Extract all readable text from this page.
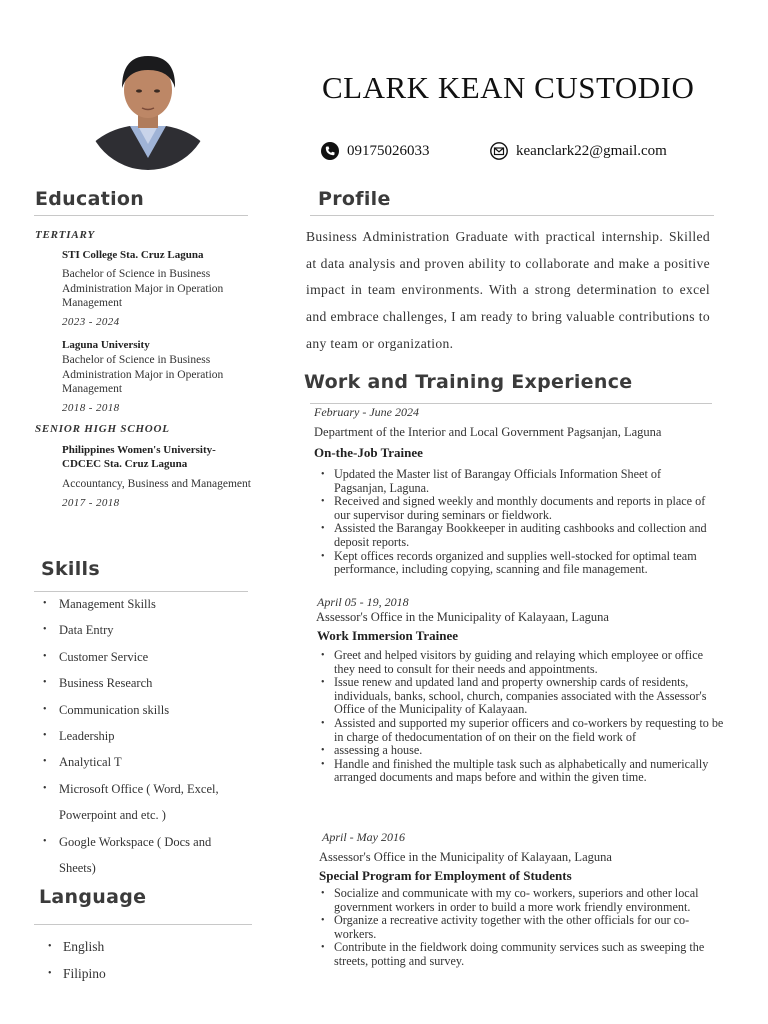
CLARK KEAN CUSTODIO
09175026033	keanclark22@gmail.com
Education
TERTIARY
STI College Sta. Cruz Laguna
Bachelor of Science in Business Administration Major in Operation Management
2023 - 2024
Laguna University
Bachelor of Science in Business Administration Major in Operation Management
2018 - 2018
SENIOR HIGH SCHOOL
Philippines Women's University- CDCEC Sta. Cruz Laguna
Accountancy, Business and Management
2017 - 2018
Skills
• Management Skills
• Data Entry
• Customer Service
• Business Research
• Communication skills
• Leadership
• Analytical T
• Microsoft Office ( Word, Excel, Powerpoint and etc. )
• Google Workspace ( Docs and Sheets)
Language
• English
• Filipino
Profile
Business Administration Graduate with practical internship. Skilled at data analysis and proven ability to collaborate and make a positive impact in team environments. With a strong determination to excel and embrace challenges, I am ready to bring valuable contributions to any team or organization.
Work and Training Experience
February - June 2024
Department of the Interior and Local Government Pagsanjan, Laguna
On-the-Job Trainee
• Updated the Master list of Barangay Officials Information Sheet of Pagsanjan, Laguna.
• Received and signed weekly and monthly documents and reports in place of our supervisor during seminars or fieldwork.
• Assisted the Barangay Bookkeeper in auditing cashbooks and collection and deposit reports.
• Kept offices records organized and supplies well-stocked for optimal team performance, including copying, scanning and file management.
April 05 - 19, 2018
Assessor's Office in the Municipality of Kalayaan, Laguna
Work Immersion Trainee
• Greet and helped visitors by guiding and relaying which employee or office they need to consult for their needs and appointments.
• Issue renew and updated land and property ownership cards of residents, individuals, banks, school, church, companies associated with the Assessor's Office of the Municipality of Kalayaan.
• Assisted and supported my superior officers and co-workers by requesting to be in charge of thedocumentation of on their on the field work of
• assessing a house.
• Handle and finished the multiple task such as alphabetically and numerically arranged documents and maps before and within the given time.
April - May 2016
Assessor's Office in the Municipality of Kalayaan, Laguna
Special Program for Employment of Students
• Socialize and communicate with my co- workers, superiors and other local government workers in order to build a more work friendly environment.
• Organize a recreative activity together with the other officials for our co-workers.
• Contribute in the fieldwork doing community services such as sweeping the streets, potting and survey.
